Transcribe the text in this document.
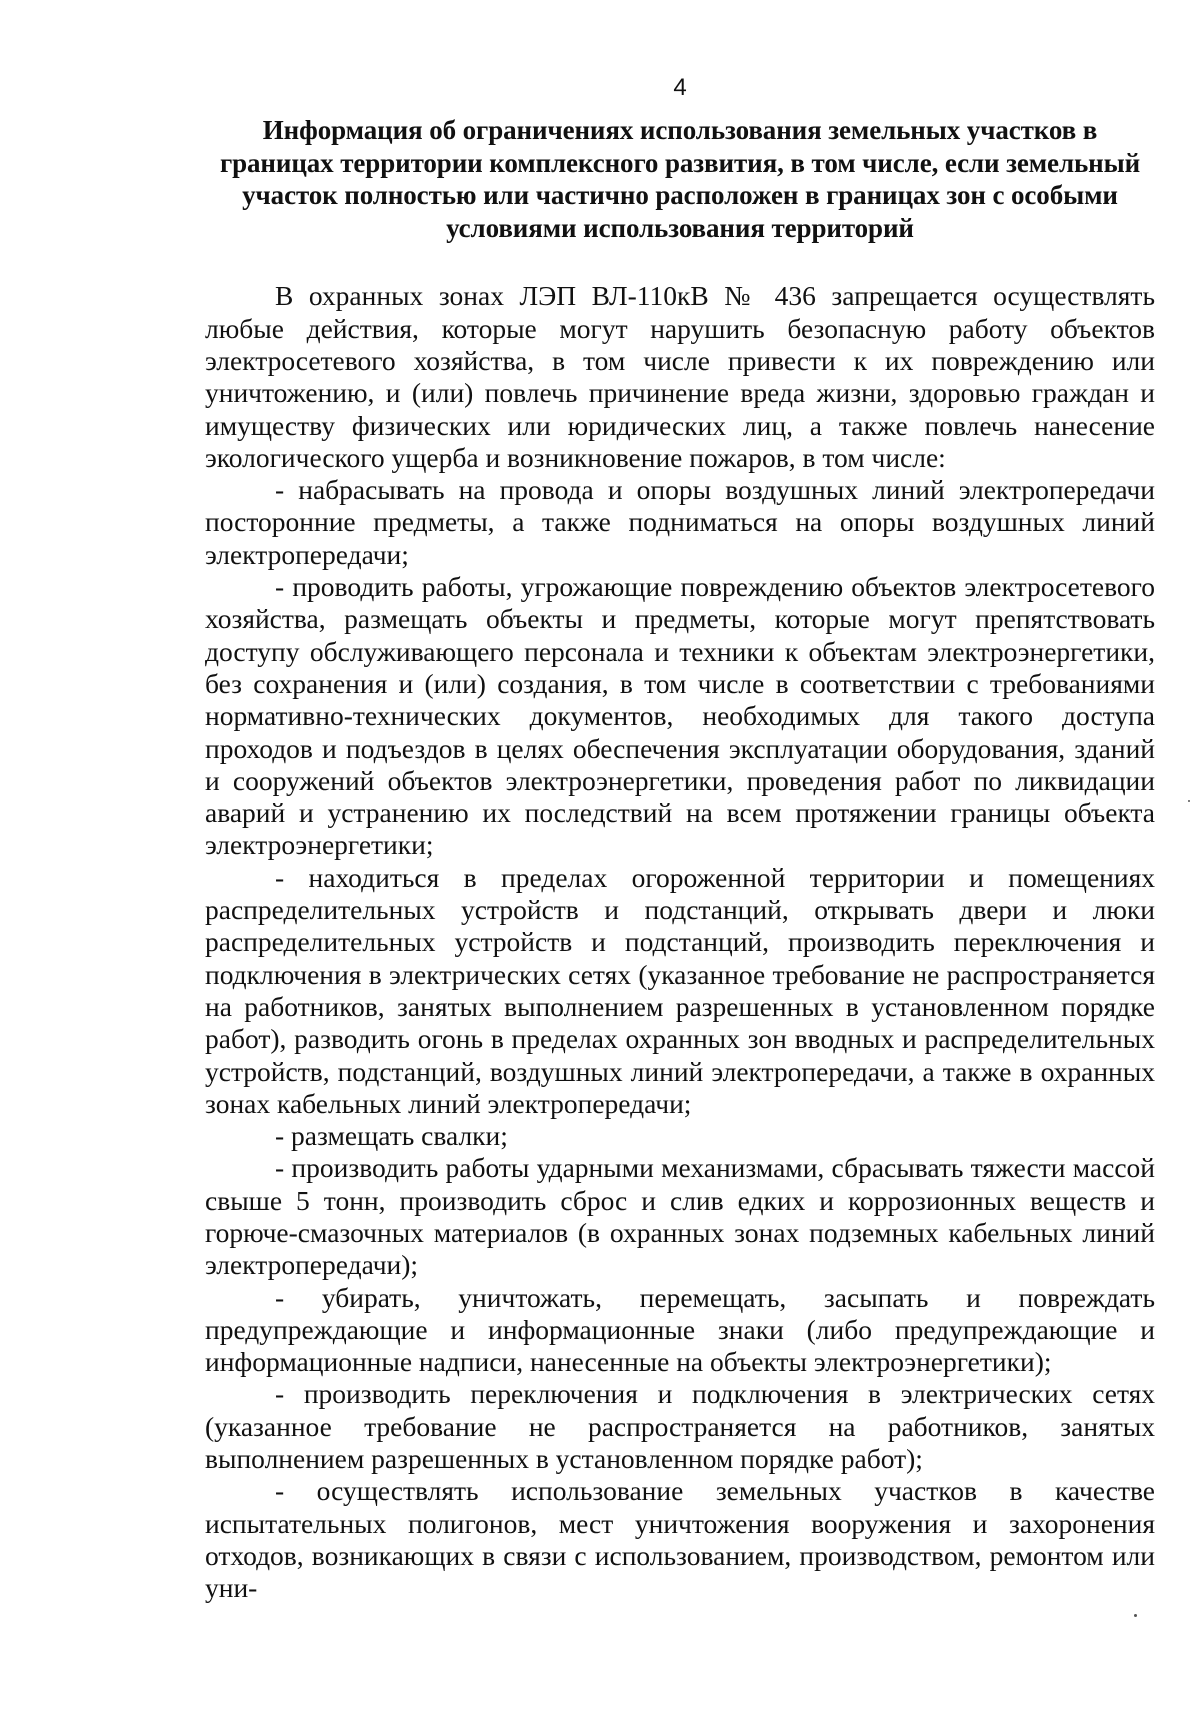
4
Информация об ограничениях использования земельных участков в границах территории комплексного развития, в том числе, если земельный участок полностью или частично расположен в границах зон с особыми условиями использования территорий

В охранных зонах ЛЭП ВЛ-110кВ № 436 запрещается осуществлять любые действия, которые могут нарушить безопасную работу объектов электросетевого хозяйства, в том числе привести к их повреждению или уничтожению, и (или) повлечь причинение вреда жизни, здоровью граждан и имуществу физических или юридических лиц, а также повлечь нанесение экологического ущерба и возникновение пожаров, в том числе:

- набрасывать на провода и опоры воздушных линий электропередачи посторонние предметы, а также подниматься на опоры воздушных линий электропередачи;

- проводить работы, угрожающие повреждению объектов электросетевого хозяйства, размещать объекты и предметы, которые могут препятствовать доступу обслуживающего персонала и техники к объектам электроэнергетики, без сохранения и (или) создания, в том числе в соответствии с требованиями нормативно-технических документов, необходимых для такого доступа проходов и подъездов в целях обеспечения эксплуатации оборудования, зданий и сооружений объектов электроэнергетики, проведения работ по ликвидации аварий и устранению их последствий на всем протяжении границы объекта электроэнергетики;

- находиться в пределах огороженной территории и помещениях распределительных устройств и подстанций, открывать двери и люки распределительных устройств и подстанций, производить переключения и подключения в электрических сетях (указанное требование не распространяется на работников, занятых выполнением разрешенных в установленном порядке работ), разводить огонь в пределах охранных зон вводных и распределительных устройств, подстанций, воздушных линий электропередачи, а также в охранных зонах кабельных линий электропередачи;

- размещать свалки;

- производить работы ударными механизмами, сбрасывать тяжести массой свыше 5 тонн, производить сброс и слив едких и коррозионных веществ и горюче-смазочных материалов (в охранных зонах подземных кабельных линий электропередачи);

- убирать, уничтожать, перемещать, засыпать и повреждать предупреждающие и информационные знаки (либо предупреждающие и информационные надписи, нанесенные на объекты электроэнергетики);

- производить переключения и подключения в электрических сетях (указанное требование не распространяется на работников, занятых выполнением разрешенных в установленном порядке работ);

- осуществлять использование земельных участков в качестве испытательных полигонов, мест уничтожения вооружения и захоронения отходов, возникающих в связи с использованием, производством, ремонтом или уни-
